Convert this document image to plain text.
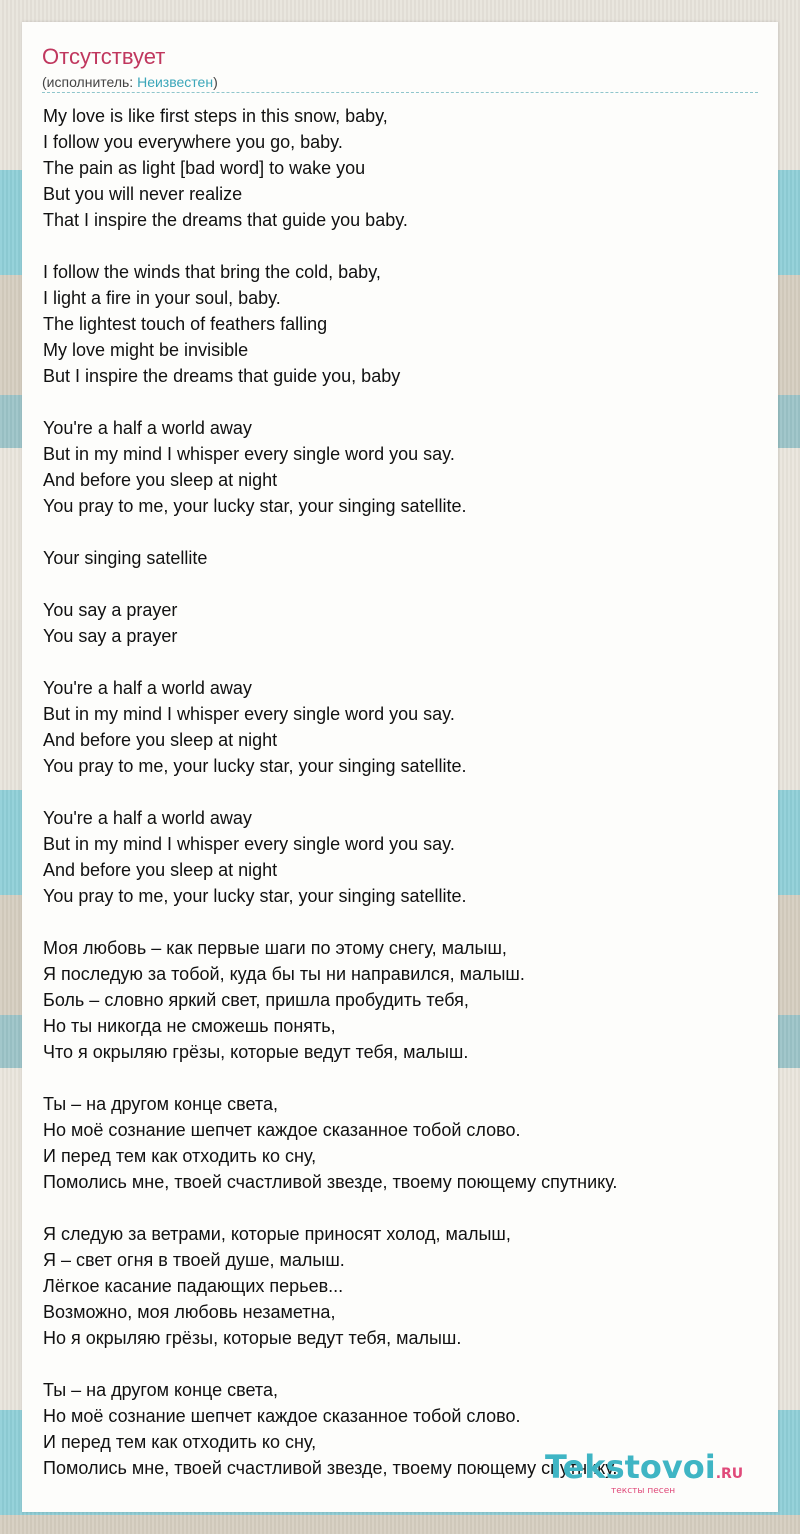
Отсутствует
(исполнитель: Неизвестен)
My love is like first steps in this snow, baby,
I follow you everywhere you go, baby.
The pain as light [bad word] to wake you
But you will never realize
That I inspire the dreams that guide you baby.
I follow the winds that bring the cold, baby,
I light a fire in your soul, baby.
The lightest touch of feathers falling
My love might be invisible
But I inspire the dreams that guide you, baby
You're a half a world away
But in my mind I whisper every single word you say.
And before you sleep at night
You pray to me, your lucky star, your singing satellite.
Your singing satellite
You say a prayer
You say a prayer
You're a half a world away
But in my mind I whisper every single word you say.
And before you sleep at night
You pray to me, your lucky star, your singing satellite.
You're a half a world away
But in my mind I whisper every single word you say.
And before you sleep at night
You pray to me, your lucky star, your singing satellite.
Моя любовь – как первые шаги по этому снегу, малыш,
Я последую за тобой, куда бы ты ни направился, малыш.
Боль – словно яркий свет, пришла пробудить тебя,
Но ты никогда не сможешь понять,
Что я окрыляю грёзы, которые ведут тебя, малыш.
Ты – на другом конце света,
Но моё сознание шепчет каждое сказанное тобой слово.
И перед тем как отходить ко сну,
Помолись мне, твоей счастливой звезде, твоему поющему спутнику.
Я следую за ветрами, которые приносят холод, малыш,
Я – свет огня в твоей душе, малыш.
Лёгкое касание падающих перьев...
Возможно, моя любовь незаметна,
Но я окрыляю грёзы, которые ведут тебя, малыш.
Ты – на другом конце света,
Но моё сознание шепчет каждое сказанное тобой слово.
И перед тем как отходить ко сну,
Помолись мне, твоей счастливой звезде, твоему поющему спутнику.
Tekstovoi.RU
тексты песен
